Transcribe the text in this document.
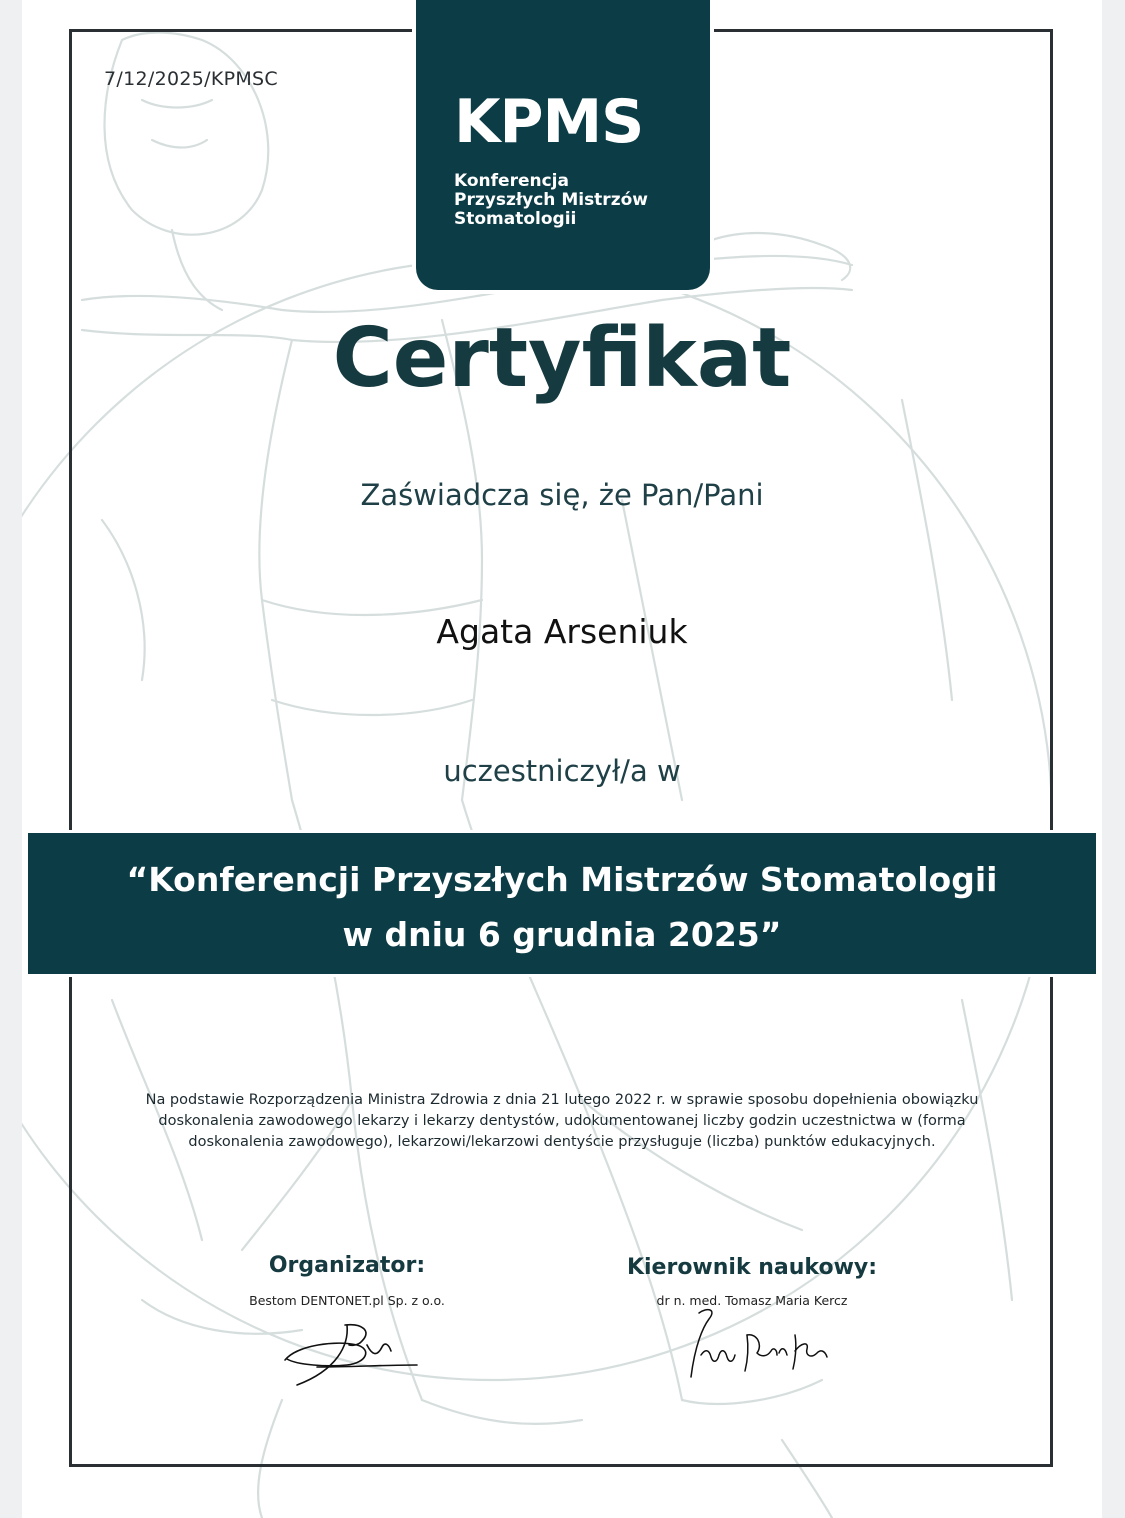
7/12/2025/KPMSC
KPMS
Konferencja
Przyszłych Mistrzów
Stomatologii
Certyfikat
Zaświadcza się, że Pan/Pani
Agata Arseniuk
uczestniczył/a w
“Konferencji Przyszłych Mistrzów Stomatologii
w dniu 6 grudnia 2025”
Na podstawie Rozporządzenia Ministra Zdrowia z dnia 21 lutego 2022 r. w sprawie sposobu dopełnienia obowiązku doskonalenia zawodowego lekarzy i lekarzy dentystów, udokumentowanej liczby godzin uczestnictwa w (forma doskonalenia zawodowego), lekarzowi/lekarzowi dentyście przysługuje (liczba) punktów edukacyjnych.
Organizator:
Bestom DENTONET.pl Sp. z o.o.
Kierownik naukowy:
dr n. med. Tomasz Maria Kercz
